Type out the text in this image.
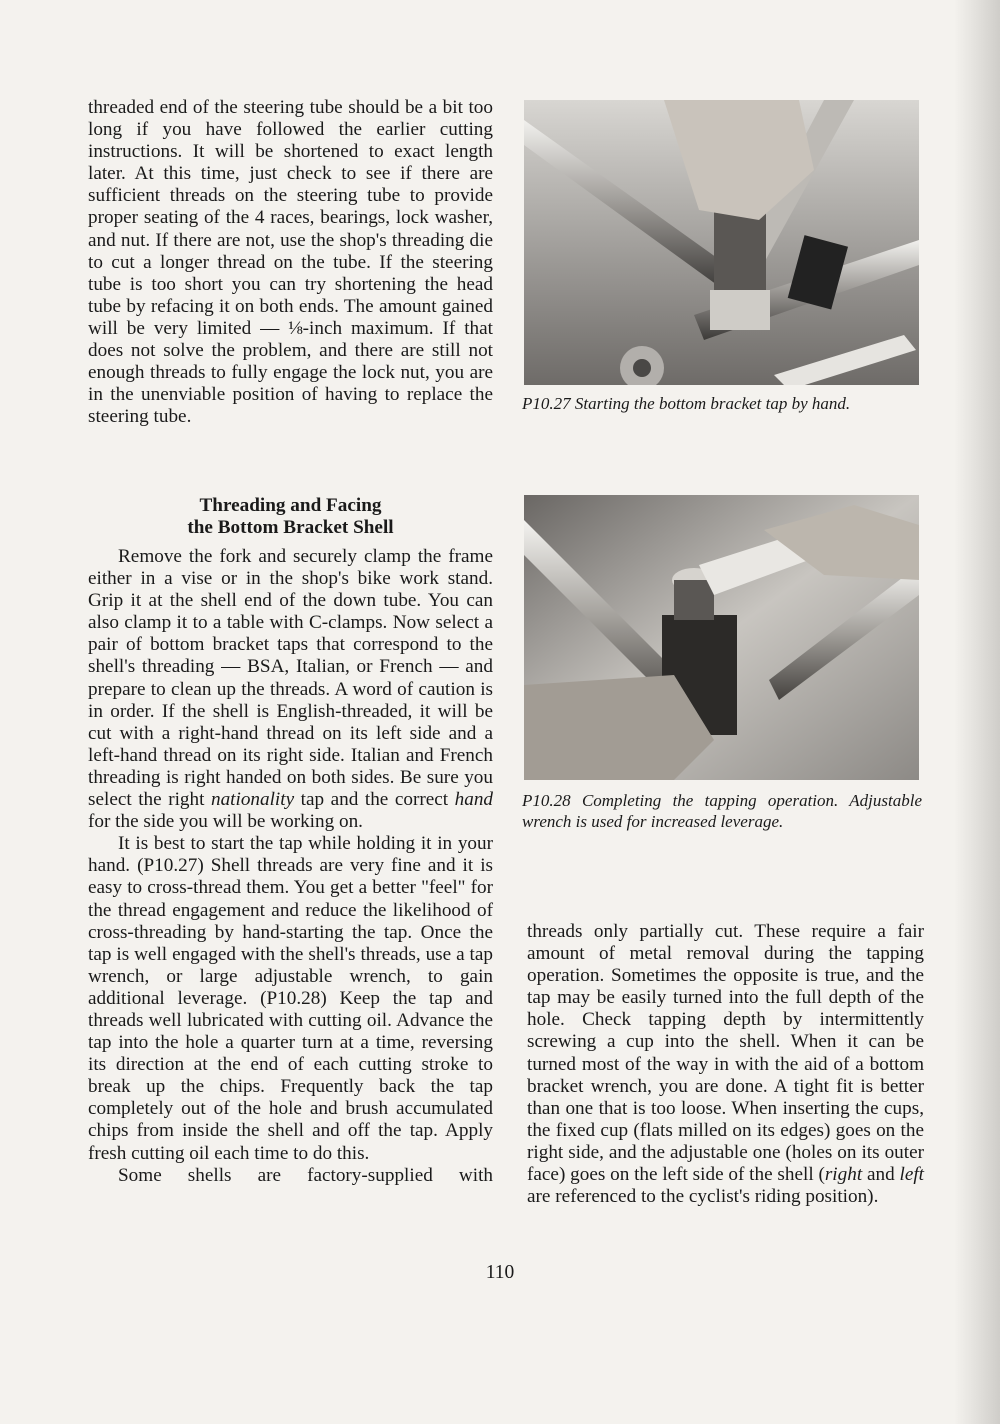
threaded end of the steering tube should be a bit too long if you have followed the earlier cutting instructions. It will be shortened to exact length later. At this time, just check to see if there are sufficient threads on the steering tube to provide proper seating of the 4 races, bearings, lock washer, and nut. If there are not, use the shop's threading die to cut a longer thread on the tube. If the steering tube is too short you can try shortening the head tube by refacing it on both ends. The amount gained will be very limited — ⅛-inch maximum. If that does not solve the problem, and there are still not enough threads to fully engage the lock nut, you are in the unenviable position of having to replace the steering tube.

Threading and Facing
the Bottom Bracket Shell

Remove the fork and securely clamp the frame either in a vise or in the shop's bike work stand. Grip it at the shell end of the down tube. You can also clamp it to a table with C-clamps. Now select a pair of bottom bracket taps that correspond to the shell's threading — BSA, Italian, or French — and prepare to clean up the threads. A word of caution is in order. If the shell is English-threaded, it will be cut with a right-hand thread on its left side and a left-hand thread on its right side. Italian and French threading is right handed on both sides. Be sure you select the right nationality tap and the correct hand for the side you will be working on.

It is best to start the tap while holding it in your hand. (P10.27) Shell threads are very fine and it is easy to cross-thread them. You get a better "feel" for the thread engagement and reduce the likelihood of cross-threading by hand-starting the tap. Once the tap is well engaged with the shell's threads, use a tap wrench, or large adjustable wrench, to gain additional leverage. (P10.28) Keep the tap and threads well lubricated with cutting oil. Advance the tap into the hole a quarter turn at a time, reversing its direction at the end of each cutting stroke to break up the chips. Frequently back the tap completely out of the hole and brush accumulated chips from inside the shell and off the tap. Apply fresh cutting oil each time to do this.

Some shells are factory-supplied with

P10.27 Starting the bottom bracket tap by hand.
P10.28 Completing the tapping operation. Adjustable wrench is used for increased leverage.

threads only partially cut. These require a fair amount of metal removal during the tapping operation. Sometimes the opposite is true, and the tap may be easily turned into the full depth of the hole. Check tapping depth by intermittently screwing a cup into the shell. When it can be turned most of the way in with the aid of a bottom bracket wrench, you are done. A tight fit is better than one that is too loose. When inserting the cups, the fixed cup (flats milled on its edges) goes on the right side, and the adjustable one (holes on its outer face) goes on the left side of the shell (right and left are referenced to the cyclist's riding position).

110
